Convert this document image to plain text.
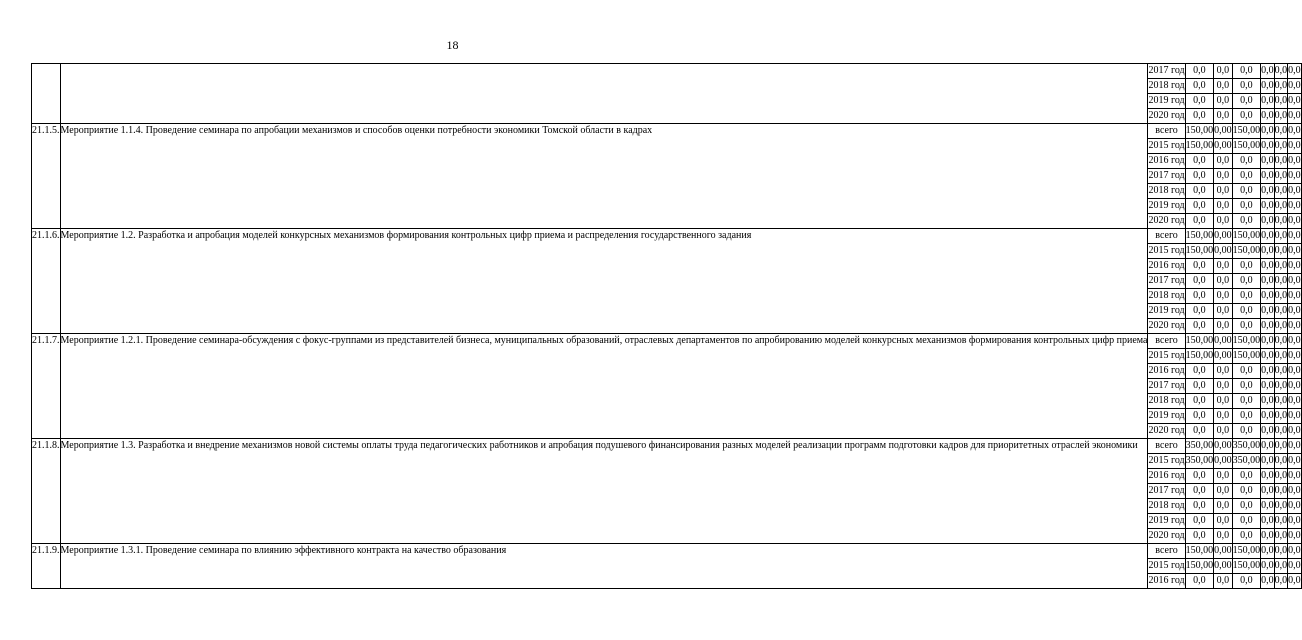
18
		2017 год	0,0	0,0	0,0	0,0	0,0	0,0
		2018 год	0,0	0,0	0,0	0,0	0,0	0,0
		2019 год	0,0	0,0	0,0	0,0	0,0	0,0
		2020 год	0,0	0,0	0,0	0,0	0,0	0,0
21.1.5.	Мероприятие 1.1.4. Проведение семинара по апробации механизмов и способов оценки потребности экономики Томской области в кадрах	всего	150,00	0,00	150,00	0,0	0,0	0,0
		2015 год	150,00	0,00	150,00	0,0	0,0	0,0
		2016 год	0,0	0,0	0,0	0,0	0,0	0,0
		2017 год	0,0	0,0	0,0	0,0	0,0	0,0
		2018 год	0,0	0,0	0,0	0,0	0,0	0,0
		2019 год	0,0	0,0	0,0	0,0	0,0	0,0
		2020 год	0,0	0,0	0,0	0,0	0,0	0,0
21.1.6.	Мероприятие 1.2. Разработка и апробация моделей конкурсных механизмов формирования контрольных цифр приема и распределения государственного задания	всего	150,00	0,00	150,00	0,0	0,0	0,0
		2015 год	150,00	0,00	150,00	0,0	0,0	0,0
		2016 год	0,0	0,0	0,0	0,0	0,0	0,0
		2017 год	0,0	0,0	0,0	0,0	0,0	0,0
		2018 год	0,0	0,0	0,0	0,0	0,0	0,0
		2019 год	0,0	0,0	0,0	0,0	0,0	0,0
		2020 год	0,0	0,0	0,0	0,0	0,0	0,0
21.1.7.	Мероприятие 1.2.1. Проведение семинара-обсуждения с фокус-группами из представителей бизнеса, муниципальных образований, отраслевых департаментов по апробированию моделей конкурсных механизмов формирования контрольных цифр приема	всего	150,00	0,00	150,00	0,0	0,0	0,0
		2015 год	150,00	0,00	150,00	0,0	0,0	0,0
		2016 год	0,0	0,0	0,0	0,0	0,0	0,0
		2017 год	0,0	0,0	0,0	0,0	0,0	0,0
		2018 год	0,0	0,0	0,0	0,0	0,0	0,0
		2019 год	0,0	0,0	0,0	0,0	0,0	0,0
		2020 год	0,0	0,0	0,0	0,0	0,0	0,0
21.1.8.	Мероприятие 1.3. Разработка и внедрение механизмов новой системы оплаты труда педагогических работников и апробация подушевого финансирования разных моделей реализации программ подготовки кадров для приоритетных отраслей экономики	всего	350,00	0,00	350,00	0,0	0,0	0,0
		2015 год	350,00	0,00	350,00	0,0	0,0	0,0
		2016 год	0,0	0,0	0,0	0,0	0,0	0,0
		2017 год	0,0	0,0	0,0	0,0	0,0	0,0
		2018 год	0,0	0,0	0,0	0,0	0,0	0,0
		2019 год	0,0	0,0	0,0	0,0	0,0	0,0
		2020 год	0,0	0,0	0,0	0,0	0,0	0,0
21.1.9.	Мероприятие 1.3.1. Проведение семинара по влиянию эффективного контракта на качество образования	всего	150,00	0,00	150,00	0,0	0,0	0,0
		2015 год	150,00	0,00	150,00	0,0	0,0	0,0
		2016 год	0,0	0,0	0,0	0,0	0,0	0,0
